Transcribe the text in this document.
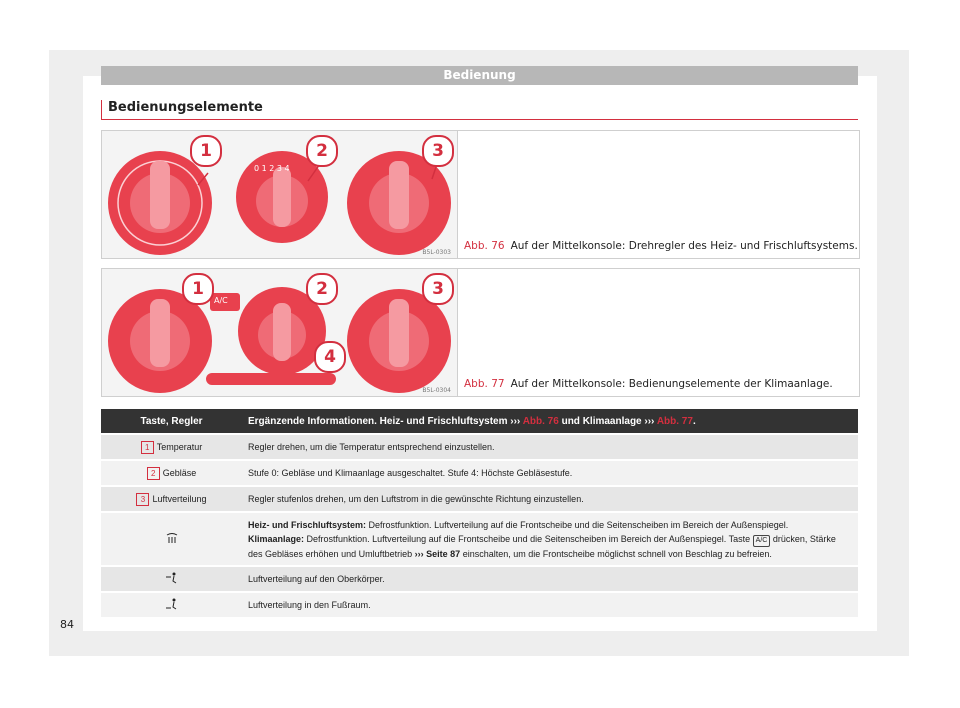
Bedienung
Bedienungselemente
0 1 2 3 4
1	2	3
B5L-0303
Abb. 76 Auf der Mittelkonsole: Drehregler des Heiz- und Frischluftsystems.
A/C
1	2	3
4
B5L-0304
Abb. 77 Auf der Mittelkonsole: Bedienungselemente der Klimaanlage.
Taste, Regler	Ergänzende Informationen. Heiz- und Frischluftsystem ››› Abb. 76 und Klimaanlage ››› Abb. 77.
1 Temperatur	Regler drehen, um die Temperatur entsprechend einzustellen.
2 Gebläse	Stufe 0: Gebläse und Klimaanlage ausgeschaltet. Stufe 4: Höchste Gebläsestufe.
3 Luftverteilung	Regler stufenlos drehen, um den Luftstrom in die gewünschte Richtung einzustellen.
	Heiz- und Frischluftsystem: Defrostfunktion. Luftverteilung auf die Frontscheibe und die Seitenscheiben im Bereich der Außenspiegel.
Klimaanlage: Defrostfunktion. Luftverteilung auf die Frontscheibe und die Seitenscheiben im Bereich der Außenspiegel. Taste A/C drücken, Stärke des Gebläses erhöhen und Umluftbetrieb ››› Seite 87 einschalten, um die Frontscheibe möglichst schnell von Beschlag zu befreien.
	Luftverteilung auf den Oberkörper.
	Luftverteilung in den Fußraum.
84
